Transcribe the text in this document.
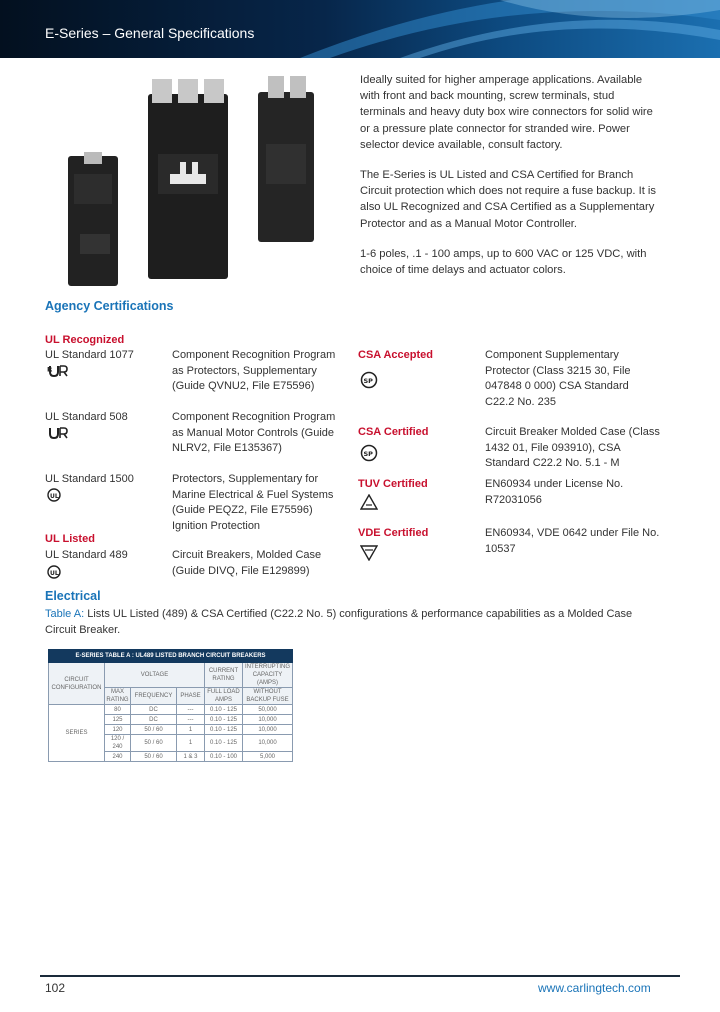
E-Series – General Specifications

Ideally suited for higher amperage applications. Available with front and back mounting, screw terminals, stud terminals and heavy duty box wire connectors for solid wire or a pressure plate connector for stranded wire. Power selector device available, consult factory.

The E-Series is UL Listed and CSA Certified for Branch Circuit protection which does not require a fuse backup. It is also UL Recognized and CSA Certified as a Supplementary Protector and as a Manual Motor Controller.

1-6 poles, .1 - 100 amps, up to 600 VAC or 125 VDC, with choice of time delays and actuator colors.

Agency Certifications
UL Recognized
UL Standard 1077	Component Recognition Program as Protectors, Supplementary (Guide QVNU2, File E75596)
ᴿ
UL Standard 508	Component Recognition Program as Manual Motor Controls (Guide NLRV2, File E135367)
UL Standard 1500	Protectors, Supplementary for Marine Electrical & Fuel Systems (Guide PEQZ2, File E75596) Ignition Protection
UL
UL Listed
UL Standard 489	Circuit Breakers, Molded Case (Guide DIVQ, File E129899)
UL
CSA Accepted	Component Supplementary Protector (Class 3215 30, File 047848 0 000) CSA Standard C22.2 No. 235
SP
CSA Certified	Circuit Breaker Molded Case (Class 1432 01, File 093910), CSA Standard C22.2 No. 5.1 - M
SP
TUV Certified	EN60934 under License No. R72031056
VDE Certified	EN60934, VDE 0642 under File No. 10537
Electrical
Table A: Lists UL Listed (489) & CSA Certified (C22.2 No. 5) configurations & performance capabilities as a Molded Case Circuit Breaker.
E-SERIES TABLE A : UL489 LISTED BRANCH CIRCUIT BREAKERS					
CIRCUIT CONFIGURATION	VOLTAGE			CURRENT RATING	INTERRUPTING CAPACITY (AMPS)
	MAX RATING	FREQUENCY	PHASE	FULL LOAD AMPS	WITHOUT BACKUP FUSE
SERIES	80	DC	---	0.10 - 125	50,000
	125	DC	---	0.10 - 125	10,000
	120	50 / 60	1	0.10 - 125	10,000
	120 / 240	50 / 60	1	0.10 - 125	10,000
	240	50 / 60	1 & 3	0.10 - 100	5,000
102	www.carlingtech.com
